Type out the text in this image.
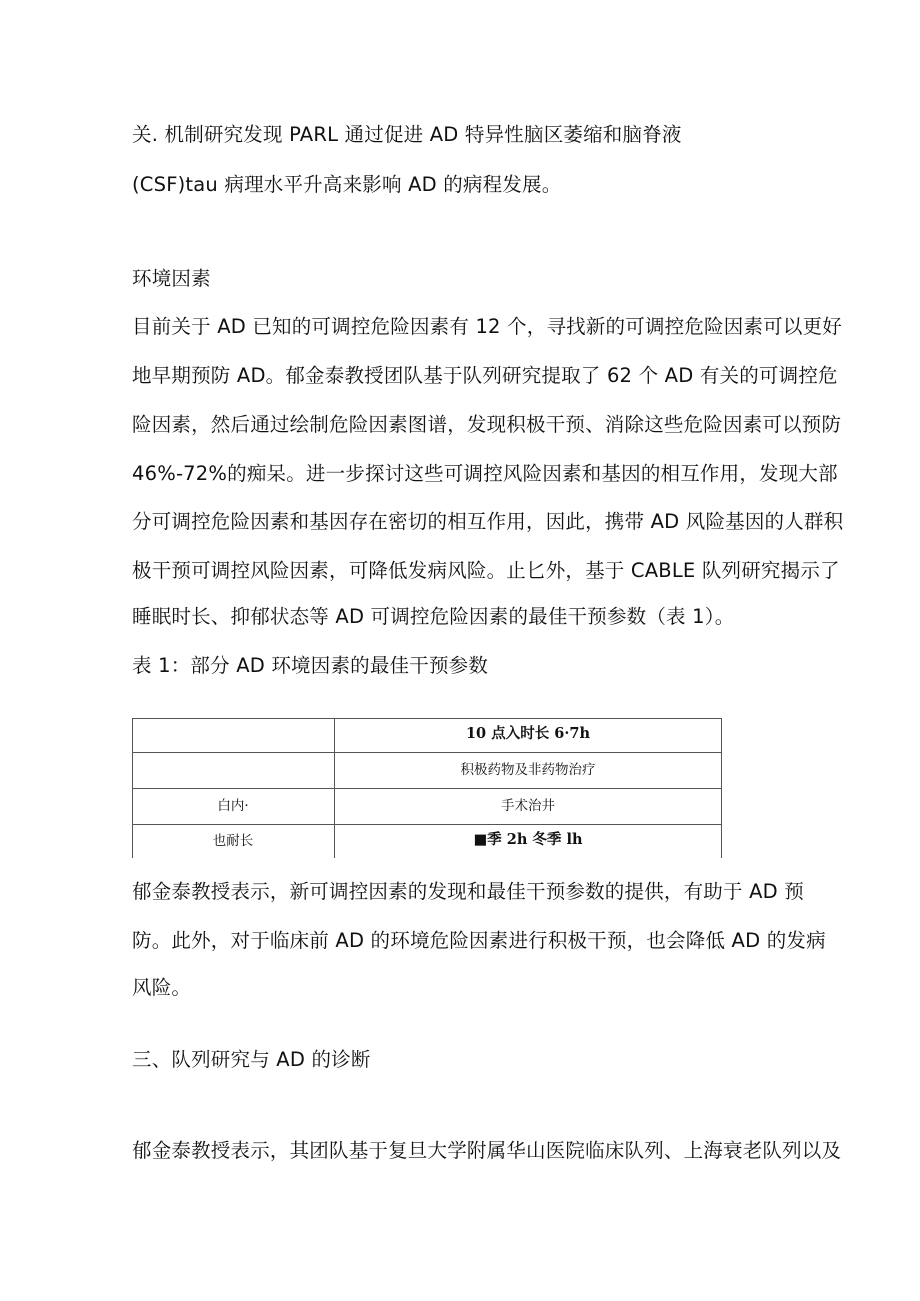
关. 机制研究发现 PARL 通过促进 AD 特异性脑区萎缩和脑脊液
(CSF)tau 病理水平升高来影响 AD 的病程发展。
环境因素
目前关于 AD 已知的可调控危险因素有 12 个，寻找新的可调控危险因素可以更好
地早期预防 AD。郁金泰教授团队基于队列研究提取了 62 个 AD 有关的可调控危
险因素，然后通过绘制危险因素图谱，发现积极干预、消除这些危险因素可以预防
46%-72%的痴呆。进一步探讨这些可调控风险因素和基因的相互作用，发现大部
分可调控危险因素和基因存在密切的相互作用，因此，携带 AD 风险基因的人群积
极干预可调控风险因素，可降低发病风险。止匕外，基于 CABLE 队列研究揭示了
睡眠时长、抑郁状态等 AD 可调控危险因素的最佳干预参数（表 1）。
表 1：部分 AD 环境因素的最佳干预参数
10 点入时长 6·7h
积极药物及非药物治疗
白内·	手术治井
也耐长	■季 2h 冬季 lh
郁金泰教授表示，新可调控因素的发现和最佳干预参数的提供，有助于 AD 预
防。此外，对于临床前 AD 的环境危险因素进行积极干预，也会降低 AD 的发病
风险。
三、队列研究与 AD 的诊断
郁金泰教授表示，其团队基于复旦大学附属华山医院临床队列、上海衰老队列以及
